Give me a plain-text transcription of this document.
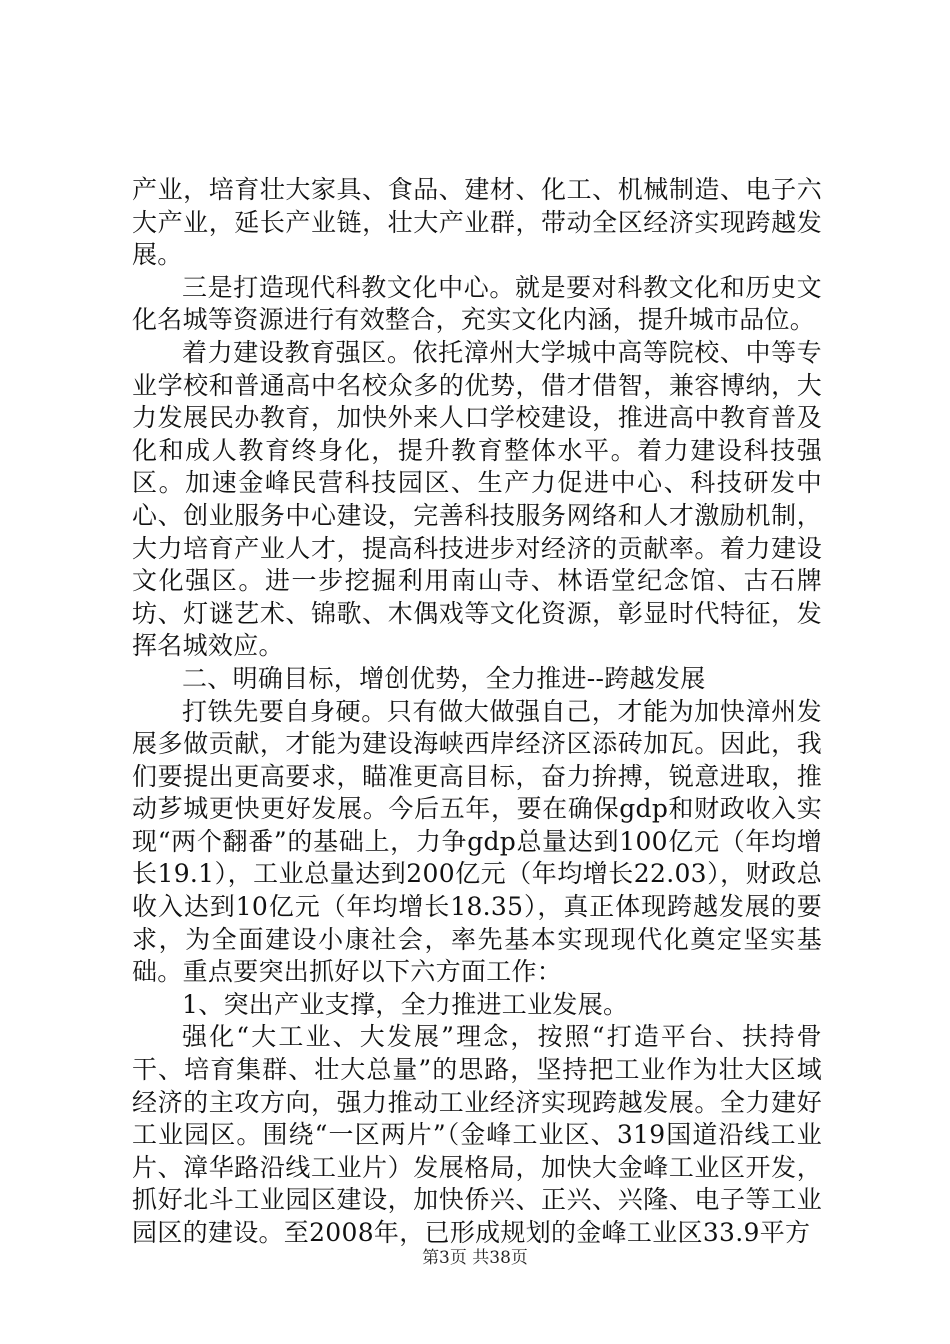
产业，培育壮大家具、食品、建材、化工、机械制造、电子六大产业，延长产业链，壮大产业群，带动全区经济实现跨越发展。

三是打造现代科教文化中心。就是要对科教文化和历史文化名城等资源进行有效整合，充实文化内涵，提升城市品位。

着力建设教育强区。依托漳州大学城中高等院校、中等专业学校和普通高中名校众多的优势，借才借智，兼容博纳，大力发展民办教育，加快外来人口学校建设，推进高中教育普及化和成人教育终身化，提升教育整体水平。着力建设科技强区。加速金峰民营科技园区、生产力促进中心、科技研发中心、创业服务中心建设，完善科技服务网络和人才激励机制，大力培育产业人才，提高科技进步对经济的贡献率。着力建设文化强区。进一步挖掘利用南山寺、林语堂纪念馆、古石牌坊、灯谜艺术、锦歌、木偶戏等文化资源，彰显时代特征，发挥名城效应。

二、明确目标，增创优势，全力推进--跨越发展

打铁先要自身硬。只有做大做强自己，才能为加快漳州发展多做贡献，才能为建设海峡西岸经济区添砖加瓦。因此，我们要提出更高要求，瞄准更高目标，奋力拚搏，锐意进取，推动芗城更快更好发展。今后五年，要在确保gdp和财政收入实现“两个翻番”的基础上，力争gdp总量达到100亿元（年均增长19.1），工业总量达到200亿元（年均增长22.03），财政总收入达到10亿元（年均增长18.35），真正体现跨越发展的要求，为全面建设小康社会，率先基本实现现代化奠定坚实基础。重点要突出抓好以下六方面工作：

1、突出产业支撑，全力推进工业发展。

强化“大工业、大发展”理念，按照“打造平台、扶持骨干、培育集群、壮大总量”的思路，坚持把工业作为壮大区域经济的主攻方向，强力推动工业经济实现跨越发展。全力建好工业园区。围绕“一区两片”（金峰工业区、319国道沿线工业片、漳华路沿线工业片）发展格局，加快大金峰工业区开发，抓好北斗工业园区建设，加快侨兴、正兴、兴隆、电子等工业园区的建设。至2008年，已形成规划的金峰工业区33.9平方

第3页 共38页
